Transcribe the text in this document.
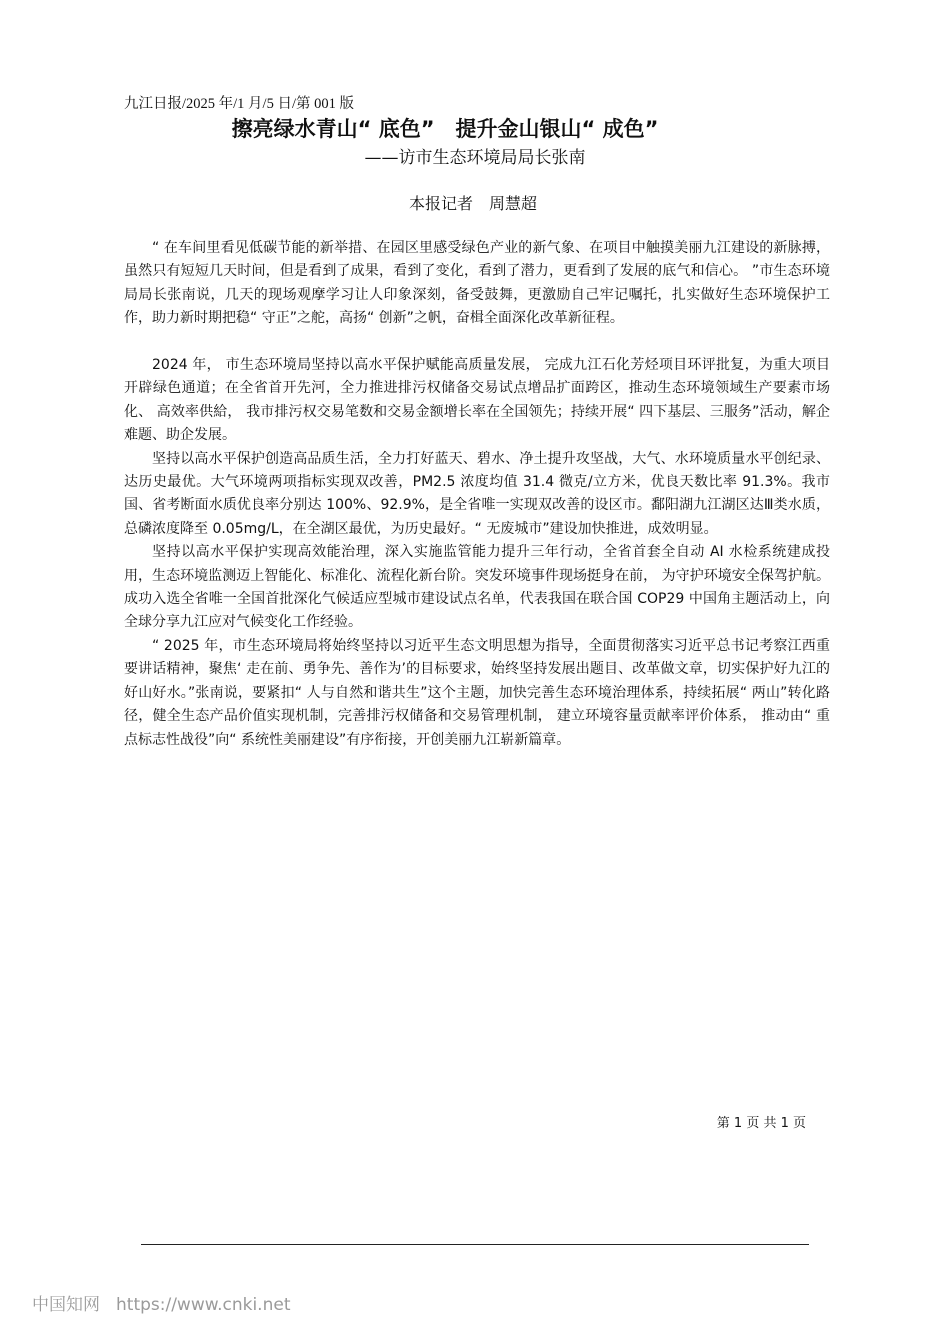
九江日报/2025 年/1 月/5 日/第 001 版
擦亮绿水青山“ 底色”　提升金山银山“ 成色”
——访市生态环境局局长张南
本报记者　周慧超

“ 在车间里看见低碳节能的新举措、在园区里感受绿色产业的新气象、在项目中触摸美丽九江建设的新脉搏，虽然只有短短几天时间，但是看到了成果，看到了变化，看到了潜力，更看到了发展的底气和信心。 ”市生态环境局局长张南说，几天的现场观摩学习让人印象深刻，备受鼓舞，更激励自己牢记嘱托，扎实做好生态环境保护工作，助力新时期把稳“ 守正”之舵，高扬“ 创新”之帆，奋楫全面深化改革新征程。

2024 年， 市生态环境局坚持以高水平保护赋能高质量发展， 完成九江石化芳烃项目环评批复，为重大项目开辟绿色通道；在全省首开先河，全力推进排污权储备交易试点增品扩面跨区，推动生态环境领域生产要素市场化、 高效率供給， 我市排污权交易笔数和交易金额增长率在全国领先；持续开展“ 四下基层、三服务”活动，解企难题、助企发展。

坚持以高水平保护创造高品质生活，全力打好蓝天、碧水、净土提升攻坚战，大气、水环境质量水平创纪录、达历史最优。大气环境两项指标实现双改善，PM2.5 浓度均值 31.4 微克/立方米，优良天数比率 91.3%。我市国、省考断面水质优良率分别达 100%、92.9%，是全省唯一实现双改善的设区市。鄱阳湖九江湖区达Ⅲ类水质，总磷浓度降至 0.05mg/L，在全湖区最优，为历史最好。“ 无废城市”建设加快推进，成效明显。

坚持以高水平保护实现高效能治理，深入实施监管能力提升三年行动，全省首套全自动 AI 水检系统建成投用，生态环境监测迈上智能化、标准化、流程化新台阶。突发环境事件现场挺身在前， 为守护环境安全保驾护航。 成功入选全省唯一全国首批深化气候适应型城市建设试点名单，代表我国在联合国 COP29 中国角主题活动上，向全球分享九江应对气候变化工作经验。

“ 2025 年，市生态环境局将始终坚持以习近平生态文明思想为指导，全面贯彻落实习近平总书记考察江西重要讲话精神，聚焦‘ 走在前、勇争先、善作为’的目标要求，始终坚持发展出题目、改革做文章，切实保护好九江的好山好水。”张南说，要紧扣“ 人与自然和谐共生”这个主题，加快完善生态环境治理体系，持续拓展“ 两山”转化路径，健全生态产品价值实现机制，完善排污权储备和交易管理机制， 建立环境容量贡献率评价体系， 推动由“ 重点标志性战役”向“ 系统性美丽建设”有序衔接，开创美丽九江崭新篇章。

第 1 页 共 1 页
中国知网 https://www.cnki.net
